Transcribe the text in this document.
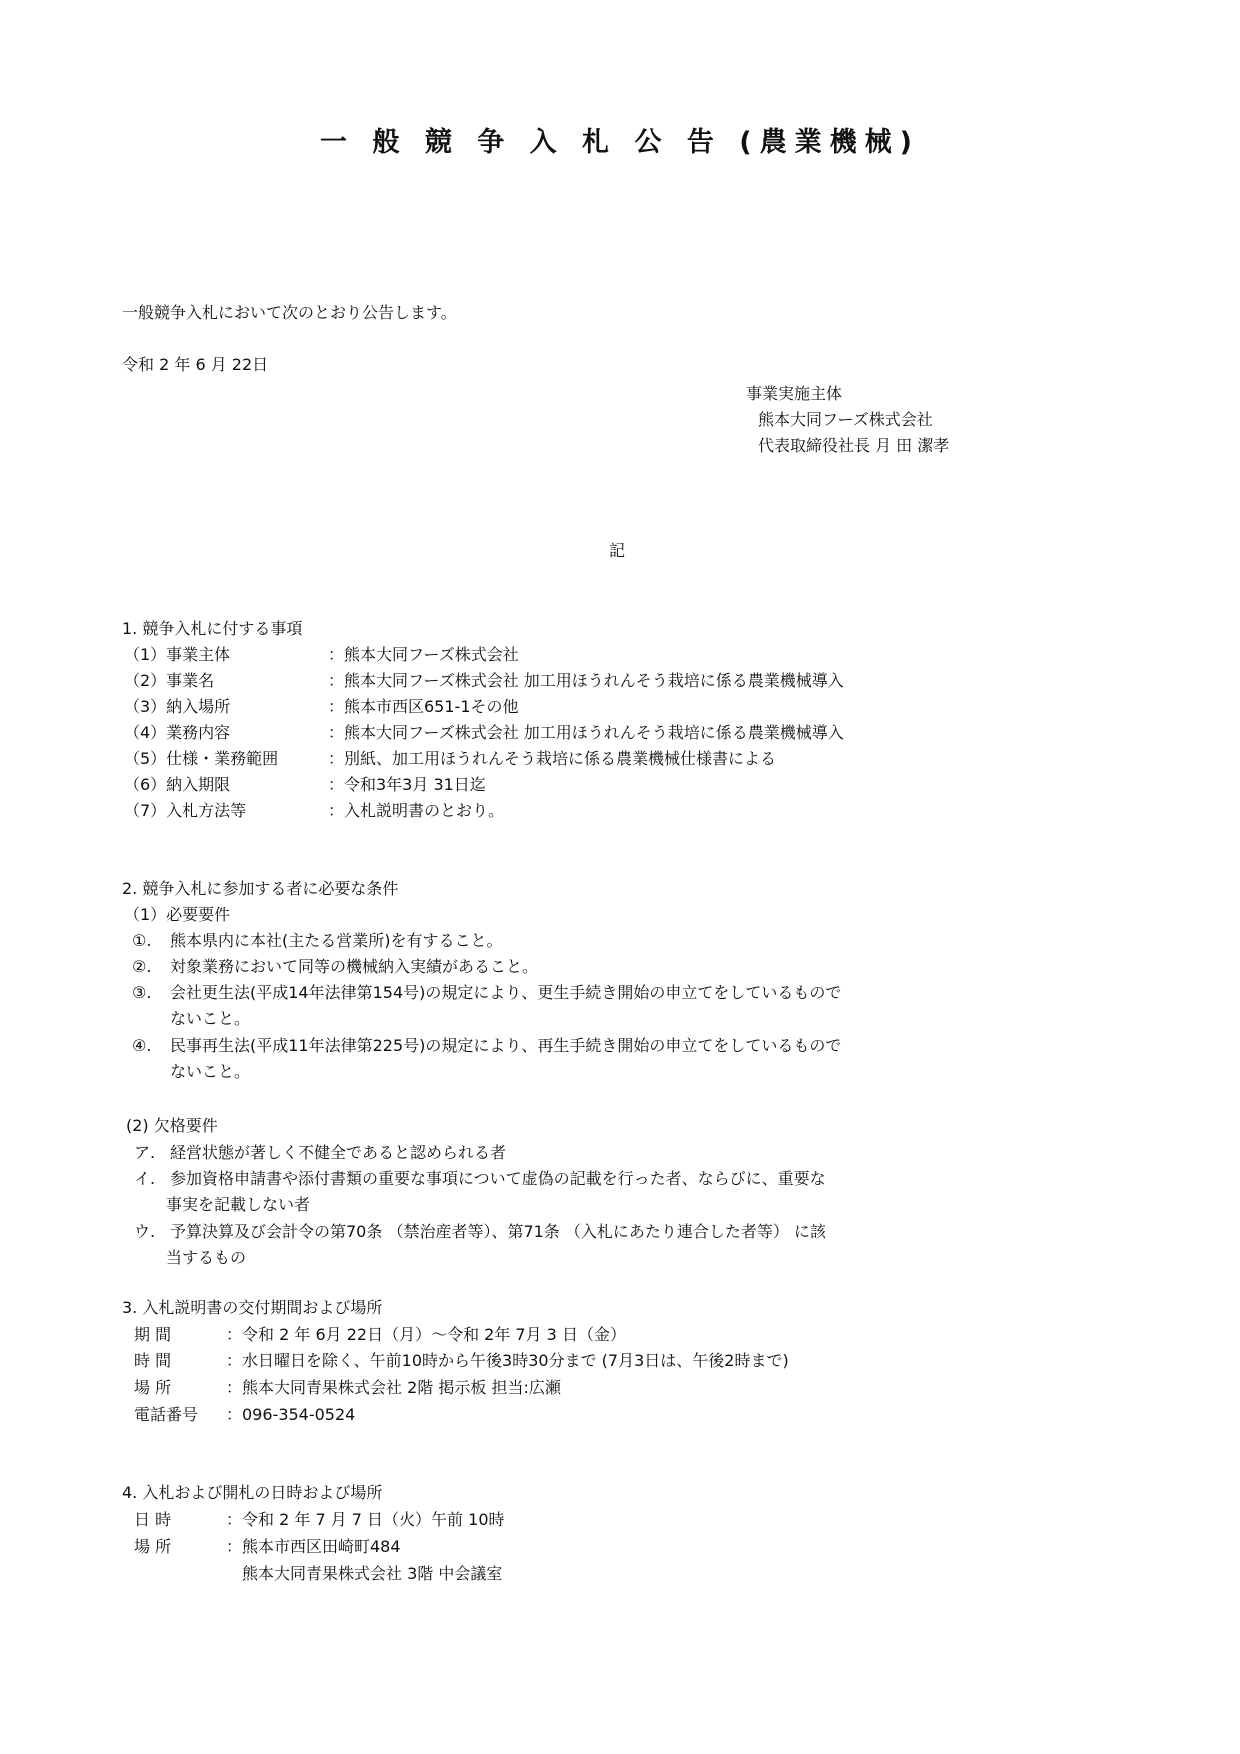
一 般 競 争 入 札 公 告 (農業機械)
一般競争入札において次のとおり公告します。
令和 2 年 6 月 22日
事業実施主体
熊本大同フーズ株式会社
代表取締役社長 月 田 潔孝
記
1. 競争入札に付する事項
（1）事業主体	：熊本大同フーズ株式会社
（2）事業名	：熊本大同フーズ株式会社 加工用ほうれんそう栽培に係る農業機械導入
（3）納入場所	：熊本市西区651-1その他
（4）業務内容	：熊本大同フーズ株式会社 加工用ほうれんそう栽培に係る農業機械導入
（5）仕様・業務範囲	：別紙、加工用ほうれんそう栽培に係る農業機械仕様書による
（6）納入期限	：令和3年3月 31日迄
（7）入札方法等	：入札説明書のとおり。
2. 競争入札に参加する者に必要な条件
（1）必要要件
①. 熊本県内に本社(主たる営業所)を有すること。
②. 対象業務において同等の機械納入実績があること。
③. 会社更生法(平成14年法律第154号)の規定により、更生手続き開始の申立てをしているもので
ないこと。
④. 民事再生法(平成11年法律第225号)の規定により、再生手続き開始の申立てをしているもので
ないこと。
(2) 欠格要件
ア. 経営状態が著しく不健全であると認められる者
イ. 参加資格申請書や添付書類の重要な事項について虚偽の記載を行った者、ならびに、重要な
事実を記載しない者
ウ. 予算決算及び会計令の第70条 （禁治産者等）、第71条 （入札にあたり連合した者等） に該
当するもの
3. 入札説明書の交付期間および場所
期 間	：令和 2 年 6月 22日（月）～令和 2年 7月 3 日（金）
時 間	：水日曜日を除く、午前10時から午後3時30分まで (7月3日は、午後2時まで)
場 所	：熊本大同青果株式会社 2階 掲示板 担当:広瀬
電話番号 ：096-354-0524
4. 入札および開札の日時および場所
日 時	：令和 2 年 7 月 7 日（火）午前 10時
場 所	：熊本市西区田崎町484
熊本大同青果株式会社 3階 中会議室
